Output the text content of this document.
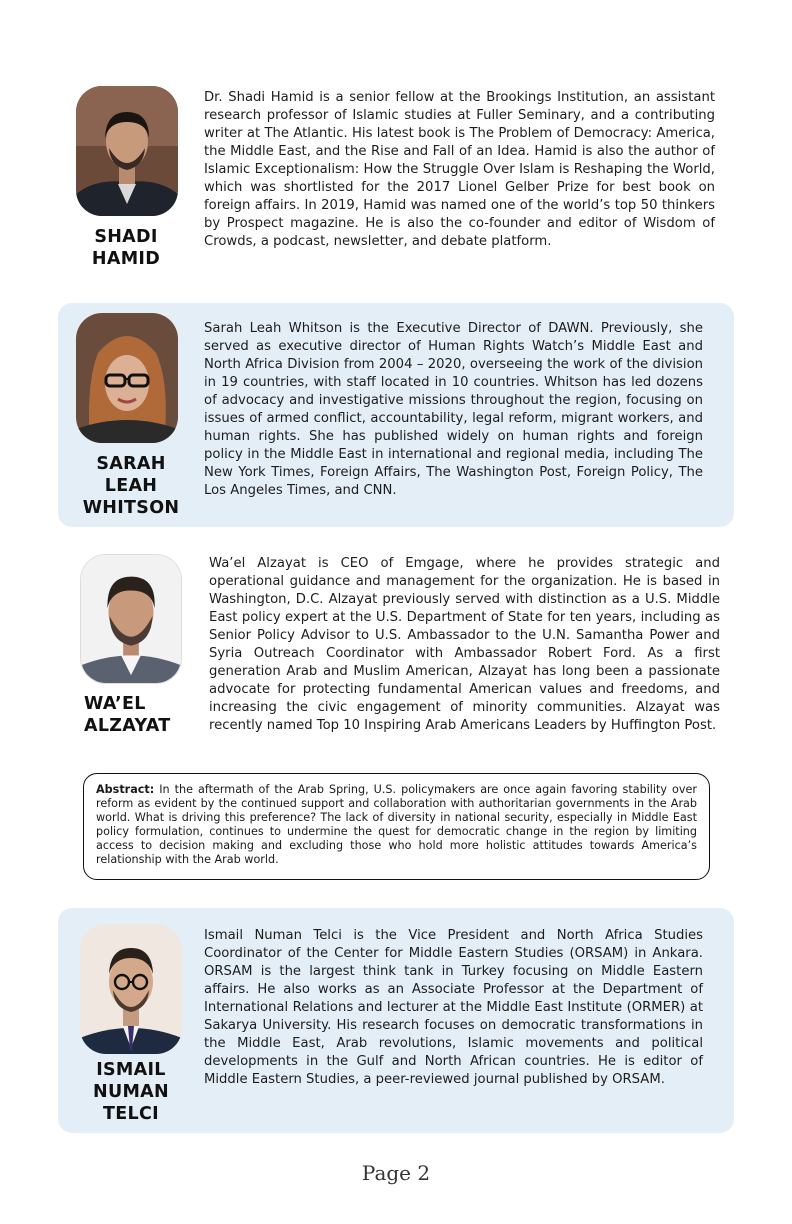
SHADI
HAMID

Dr. Shadi Hamid is a senior fellow at the Brookings Institution, an assistant research professor of Islamic studies at Fuller Seminary, and a contributing writer at The Atlantic. His latest book is The Problem of Democracy: America, the Middle East, and the Rise and Fall of an Idea. Hamid is also the author of Islamic Exceptionalism: How the Struggle Over Islam is Reshaping the World, which was shortlisted for the 2017 Lionel Gelber Prize for best book on foreign affairs. In 2019, Hamid was named one of the world’s top 50 thinkers by Prospect magazine. He is also the co-founder and editor of Wisdom of Crowds, a podcast, newsletter, and debate platform.

SARAH
LEAH
WHITSON

Sarah Leah Whitson is the Executive Director of DAWN. Previously, she served as executive director of Human Rights Watch’s Middle East and North Africa Division from 2004 – 2020, overseeing the work of the division in 19 countries, with staff located in 10 countries. Whitson has led dozens of advocacy and investigative missions throughout the region, focusing on issues of armed conflict, accountability, legal reform, migrant workers, and human rights. She has published widely on human rights and foreign policy in the Middle East in international and regional media, including The New York Times, Foreign Affairs, The Washington Post, Foreign Policy, The Los Angeles Times, and CNN.

WA’EL
ALZAYAT

Wa’el Alzayat is CEO of Emgage, where he provides strategic and operational guidance and management for the organization. He is based in Washington, D.C. Alzayat previously served with distinction as a U.S. Middle East policy expert at the U.S. Department of State for ten years, including as Senior Policy Advisor to U.S. Ambassador to the U.N. Samantha Power and Syria Outreach Coordinator with Ambassador Robert Ford. As a first generation Arab and Muslim American, Alzayat has long been a passionate advocate for protecting fundamental American values and freedoms, and increasing the civic engagement of minority communities. Alzayat was recently named Top 10 Inspiring Arab Americans Leaders by Huffington Post.

Abstract: In the aftermath of the Arab Spring, U.S. policymakers are once again favoring stability over reform as evident by the continued support and collaboration with authoritarian governments in the Arab world. What is driving this preference? The lack of diversity in national security, especially in Middle East policy formulation, continues to undermine the quest for democratic change in the region by limiting access to decision making and excluding those who hold more holistic attitudes towards America’s relationship with the Arab world.
ISMAIL
NUMAN
TELCI

Ismail Numan Telci is the Vice President and North Africa Studies Coordinator of the Center for Middle Eastern Studies (ORSAM) in Ankara. ORSAM is the largest think tank in Turkey focusing on Middle Eastern affairs. He also works as an Associate Professor at the Department of International Relations and lecturer at the Middle East Institute (ORMER) at Sakarya University. His research focuses on democratic transformations in the Middle East, Arab revolutions, Islamic movements and political developments in the Gulf and North African countries. He is editor of Middle Eastern Studies, a peer-reviewed journal published by ORSAM.

Page 2
